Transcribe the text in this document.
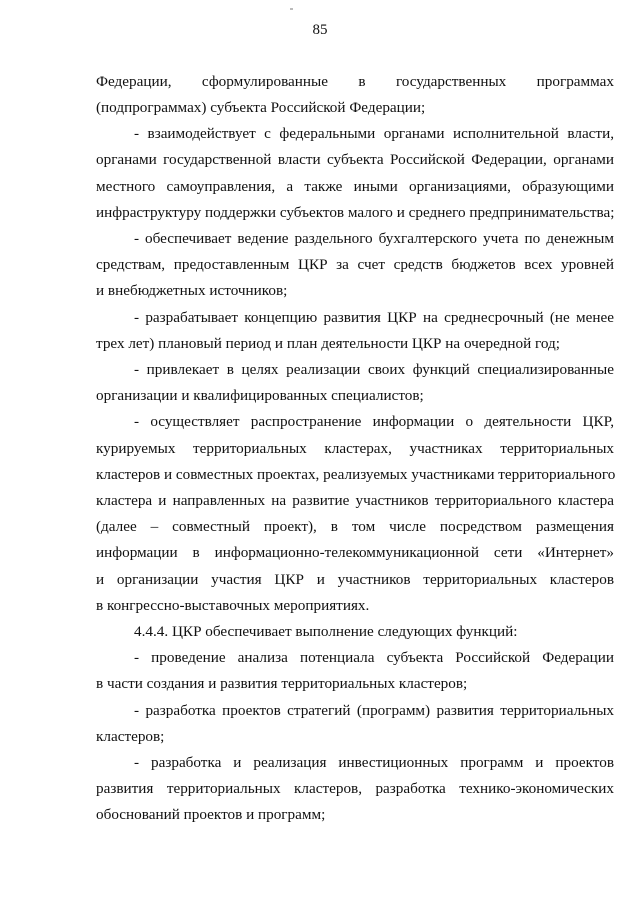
85
Федерации, сформулированные в государственных программах
(подпрограммах) субъекта Российской Федерации;
- взаимодействует с федеральными органами исполнительной власти,
органами государственной власти субъекта Российской Федерации, органами
местного самоуправления, а также иными организациями, образующими
инфраструктуру поддержки субъектов малого и среднего предпринимательства;
- обеспечивает ведение раздельного бухгалтерского учета по денежным
средствам, предоставленным ЦКР за счет средств бюджетов всех уровней
и внебюджетных источников;
- разрабатывает концепцию развития ЦКР на среднесрочный (не менее
трех лет) плановый период и план деятельности ЦКР на очередной год;
- привлекает в целях реализации своих функций специализированные
организации и квалифицированных специалистов;
- осуществляет распространение информации о деятельности ЦКР,
курируемых территориальных кластерах, участниках территориальных
кластеров и совместных проектах, реализуемых участниками территориального
кластера и направленных на развитие участников территориального кластера
(далее – совместный проект), в том числе посредством размещения
информации в информационно-телекоммуникационной сети «Интернет»
и организации участия ЦКР и участников территориальных кластеров
в конгрессно-выставочных мероприятиях.
4.4.4. ЦКР обеспечивает выполнение следующих функций:
- проведение анализа потенциала субъекта Российской Федерации
в части создания и развития территориальных кластеров;
- разработка проектов стратегий (программ) развития территориальных
кластеров;
- разработка и реализация инвестиционных программ и проектов
развития территориальных кластеров, разработка технико-экономических
обоснований проектов и программ;
